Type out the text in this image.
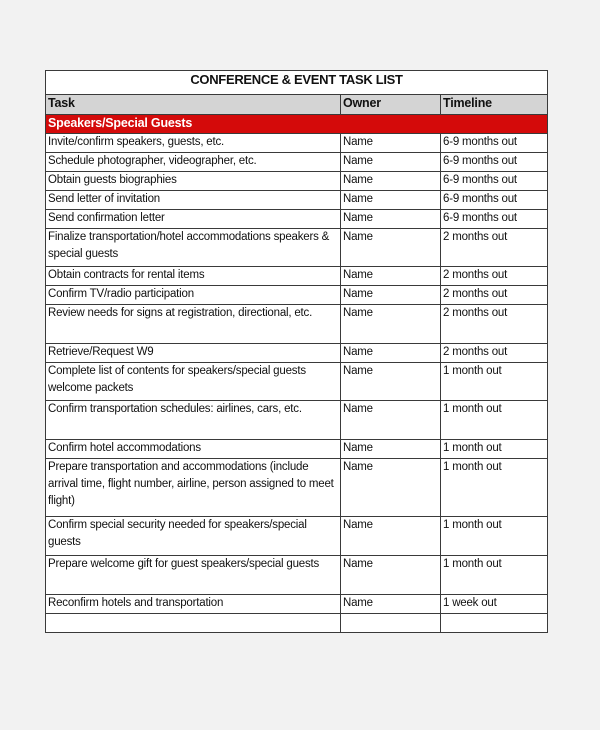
CONFERENCE & EVENT TASK LIST		
Task	Owner	Timeline
Speakers/Special Guests		
Invite/confirm speakers, guests, etc.	Name	6-9 months out
Schedule photographer, videographer, etc.	Name	6-9 months out
Obtain guests biographies	Name	6-9 months out
Send letter of invitation	Name	6-9 months out
Send confirmation letter	Name	6-9 months out
Finalize transportation/hotel accommodations speakers & special guests	Name	2 months out
Obtain contracts for rental items	Name	2 months out
Confirm TV/radio participation	Name	2 months out
Review needs for signs at registration, directional, etc.	Name	2 months out
Retrieve/Request W9	Name	2 months out
Complete list of contents for speakers/special guests welcome packets	Name	1 month out
Confirm transportation schedules: airlines, cars, etc.	Name	1 month out
Confirm hotel accommodations	Name	1 month out
Prepare transportation and accommodations (include arrival time, flight number, airline, person assigned to meet flight)	Name	1 month out
Confirm special security needed for speakers/special guests	Name	1 month out
Prepare welcome gift for guest speakers/special guests	Name	1 month out
Reconfirm hotels and transportation	Name	1 week out
